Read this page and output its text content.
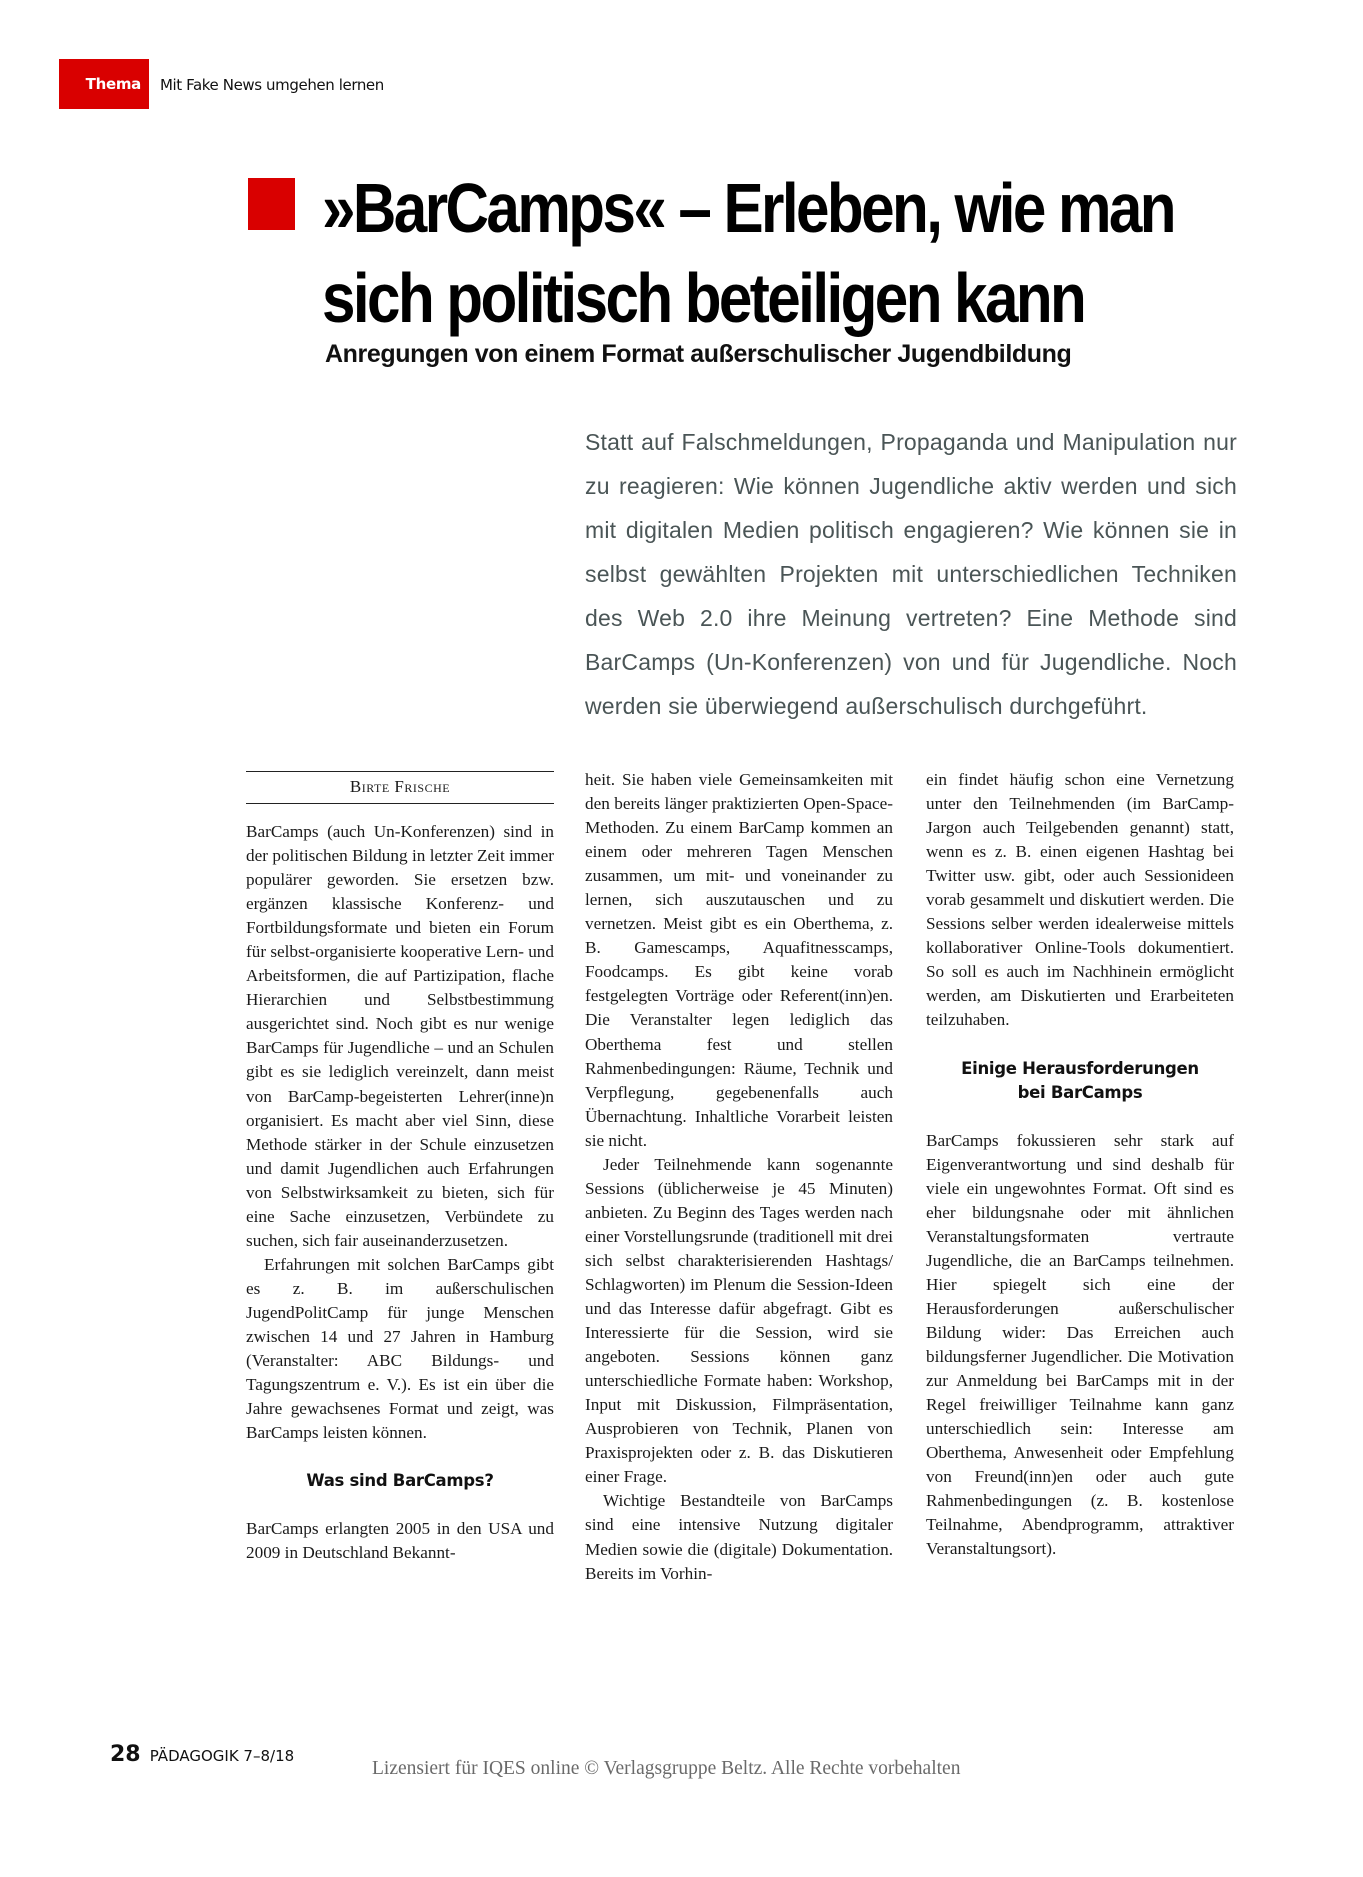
Thema Mit Fake News umgehen lernen
»BarCamps« – Erleben, wie man
sich politisch beteiligen kann
Anregungen von einem Format außerschulischer Jugendbildung

Statt auf Falschmeldungen, Propaganda und Manipulation nur zu reagieren: Wie können Jugendliche aktiv werden und sich mit digitalen Medien politisch engagieren? Wie können sie in selbst gewählten Projekten mit unterschiedlichen Techniken des Web 2.0 ihre Meinung vertreten? Eine Methode sind BarCamps (Un-Konferenzen) von und für Jugendliche. Noch werden sie überwiegend außerschulisch durchgeführt.

Birte Frische

BarCamps (auch Un-Konferenzen) sind in der politischen Bildung in letzter Zeit immer populärer geworden. Sie ersetzen bzw. ergänzen klassische Konferenz- und Fortbildungsformate und bieten ein Forum für selbst-organisierte kooperative Lern- und Arbeitsformen, die auf Partizipation, flache Hierarchien und Selbstbestimmung ausgerichtet sind. Noch gibt es nur wenige BarCamps für Jugendliche – und an Schulen gibt es sie lediglich vereinzelt, dann meist von BarCamp-begeisterten Lehrer(inne)n organisiert. Es macht aber viel Sinn, diese Methode stärker in der Schule einzusetzen und damit Jugendlichen auch Erfahrungen von Selbstwirksamkeit zu bieten, sich für eine Sache einzusetzen, Verbündete zu suchen, sich fair auseinanderzusetzen.

Erfahrungen mit solchen BarCamps gibt es z. B. im außerschulischen JugendPolitCamp für junge Menschen zwischen 14 und 27 Jahren in Hamburg (Veranstalter: ABC Bildungs- und Tagungszentrum e. V.). Es ist ein über die Jahre gewachsenes Format und zeigt, was BarCamps leisten können.

Was sind BarCamps?

BarCamps erlangten 2005 in den USA und 2009 in Deutschland Bekannt-

heit. Sie haben viele Gemeinsamkeiten mit den bereits länger praktizierten Open-Space-Methoden. Zu einem BarCamp kommen an einem oder mehreren Tagen Menschen zusammen, um mit- und voneinander zu lernen, sich auszutauschen und zu vernetzen. Meist gibt es ein Oberthema, z. B. Gamescamps, Aquafitnesscamps, Foodcamps. Es gibt keine vorab festgelegten Vorträge oder Referent(inn)en. Die Veranstalter legen lediglich das Oberthema fest und stellen Rahmenbedingungen: Räume, Technik und Verpflegung, gegebenenfalls auch Übernachtung. Inhaltliche Vorarbeit leisten sie nicht.

Jeder Teilnehmende kann sogenannte Sessions (üblicherweise je 45 Minuten) anbieten. Zu Beginn des Tages werden nach einer Vorstellungsrunde (traditionell mit drei sich selbst charakterisierenden Hashtags/ Schlagworten) im Plenum die Session-Ideen und das Interesse dafür abgefragt. Gibt es Interessierte für die Session, wird sie angeboten. Sessions können ganz unterschiedliche Formate haben: Workshop, Input mit Diskussion, Filmpräsentation, Ausprobieren von Technik, Planen von Praxisprojekten oder z. B. das Diskutieren einer Frage.

Wichtige Bestandteile von BarCamps sind eine intensive Nutzung digitaler Medien sowie die (digitale) Dokumentation. Bereits im Vorhin-

ein findet häufig schon eine Vernetzung unter den Teilnehmenden (im BarCamp-Jargon auch Teilgebenden genannt) statt, wenn es z. B. einen eigenen Hashtag bei Twitter usw. gibt, oder auch Sessionideen vorab gesammelt und diskutiert werden. Die Sessions selber werden idealerweise mittels kollaborativer Online-Tools dokumentiert. So soll es auch im Nachhinein ermöglicht werden, am Diskutierten und Erarbeiteten teilzuhaben.

Einige Herausforderungen
bei BarCamps

BarCamps fokussieren sehr stark auf Eigenverantwortung und sind deshalb für viele ein ungewohntes Format. Oft sind es eher bildungsnahe oder mit ähnlichen Veranstaltungsformaten vertraute Jugendliche, die an BarCamps teilnehmen. Hier spiegelt sich eine der Herausforderungen außerschulischer Bildung wider: Das Erreichen auch bildungsferner Jugendlicher. Die Motivation zur Anmeldung bei BarCamps mit in der Regel freiwilliger Teilnahme kann ganz unterschiedlich sein: Interesse am Oberthema, Anwesenheit oder Empfehlung von Freund(inn)en oder auch gute Rahmenbedingungen (z. B. kostenlose Teilnahme, Abendprogramm, attraktiver Veranstaltungsort).

28 PÄDAGOGIK 7–8/18
Lizensiert für IQES online © Verlagsgruppe Beltz. Alle Rechte vorbehalten
